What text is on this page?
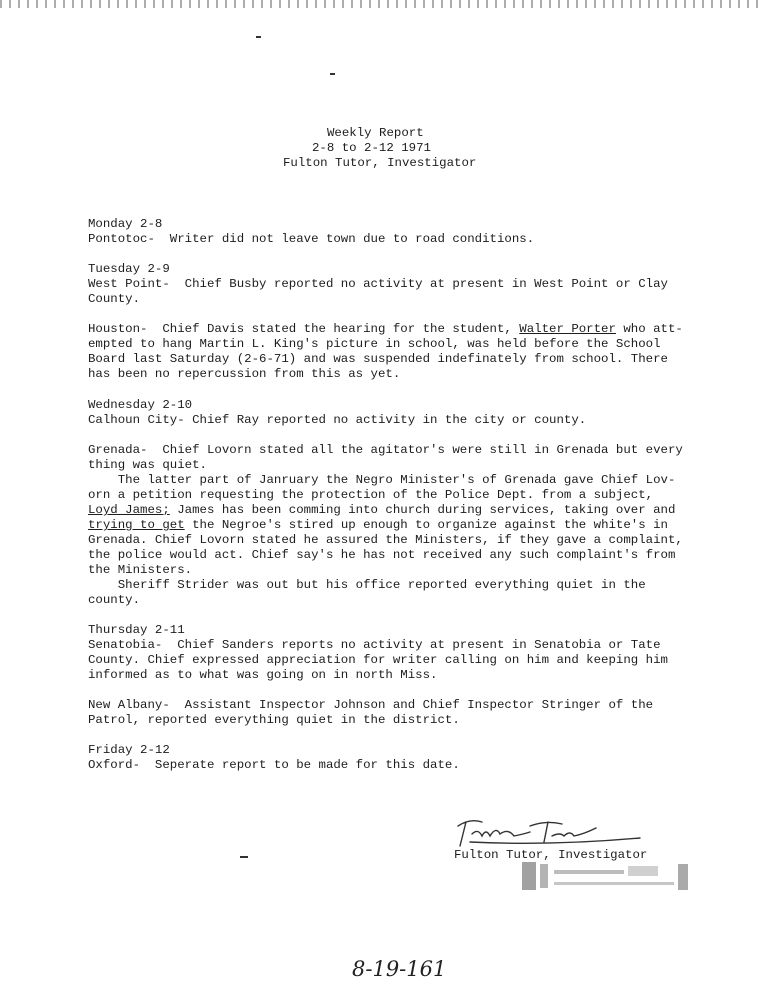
Weekly Report
2-8 to 2-12 1971
Fulton Tutor, Investigator
Monday 2-8
Pontotoc-  Writer did not leave town due to road conditions.
Tuesday 2-9
West Point-  Chief Busby reported no activity at present in West Point or Clay
County.
Houston-  Chief Davis stated the hearing for the student, Walter Porter who att-
empted to hang Martin L. King's picture in school, was held before the School
Board last Saturday (2-6-71) and was suspended indefinately from school. There
has been no repercussion from this as yet.
Wednesday 2-10
Calhoun City- Chief Ray reported no activity in the city or county.
Grenada-  Chief Lovorn stated all the agitator's were still in Grenada but every
thing was quiet.
The latter part of Janruary the Negro Minister's of Grenada gave Chief Lov-
orn a petition requesting the protection of the Police Dept. from a subject,
Loyd James; James has been comming into church during services, taking over and
trying to get the Negroe's stired up enough to organize against the white's in
Grenada. Chief Lovorn stated he assured the Ministers, if they gave a complaint,
the police would act. Chief say's he has not received any such complaint's from
the Ministers.
Sheriff Strider was out but his office reported everything quiet in the
county.
Thursday 2-11
Senatobia-  Chief Sanders reports no activity at present in Senatobia or Tate
County. Chief expressed appreciation for writer calling on him and keeping him
informed as to what was going on in north Miss.
New Albany-  Assistant Inspector Johnson and Chief Inspector Stringer of the
Patrol, reported everything quiet in the district.
Friday 2-12
Oxford-  Seperate report to be made for this date.
Fulton Tutor, Investigator
8-19-161
